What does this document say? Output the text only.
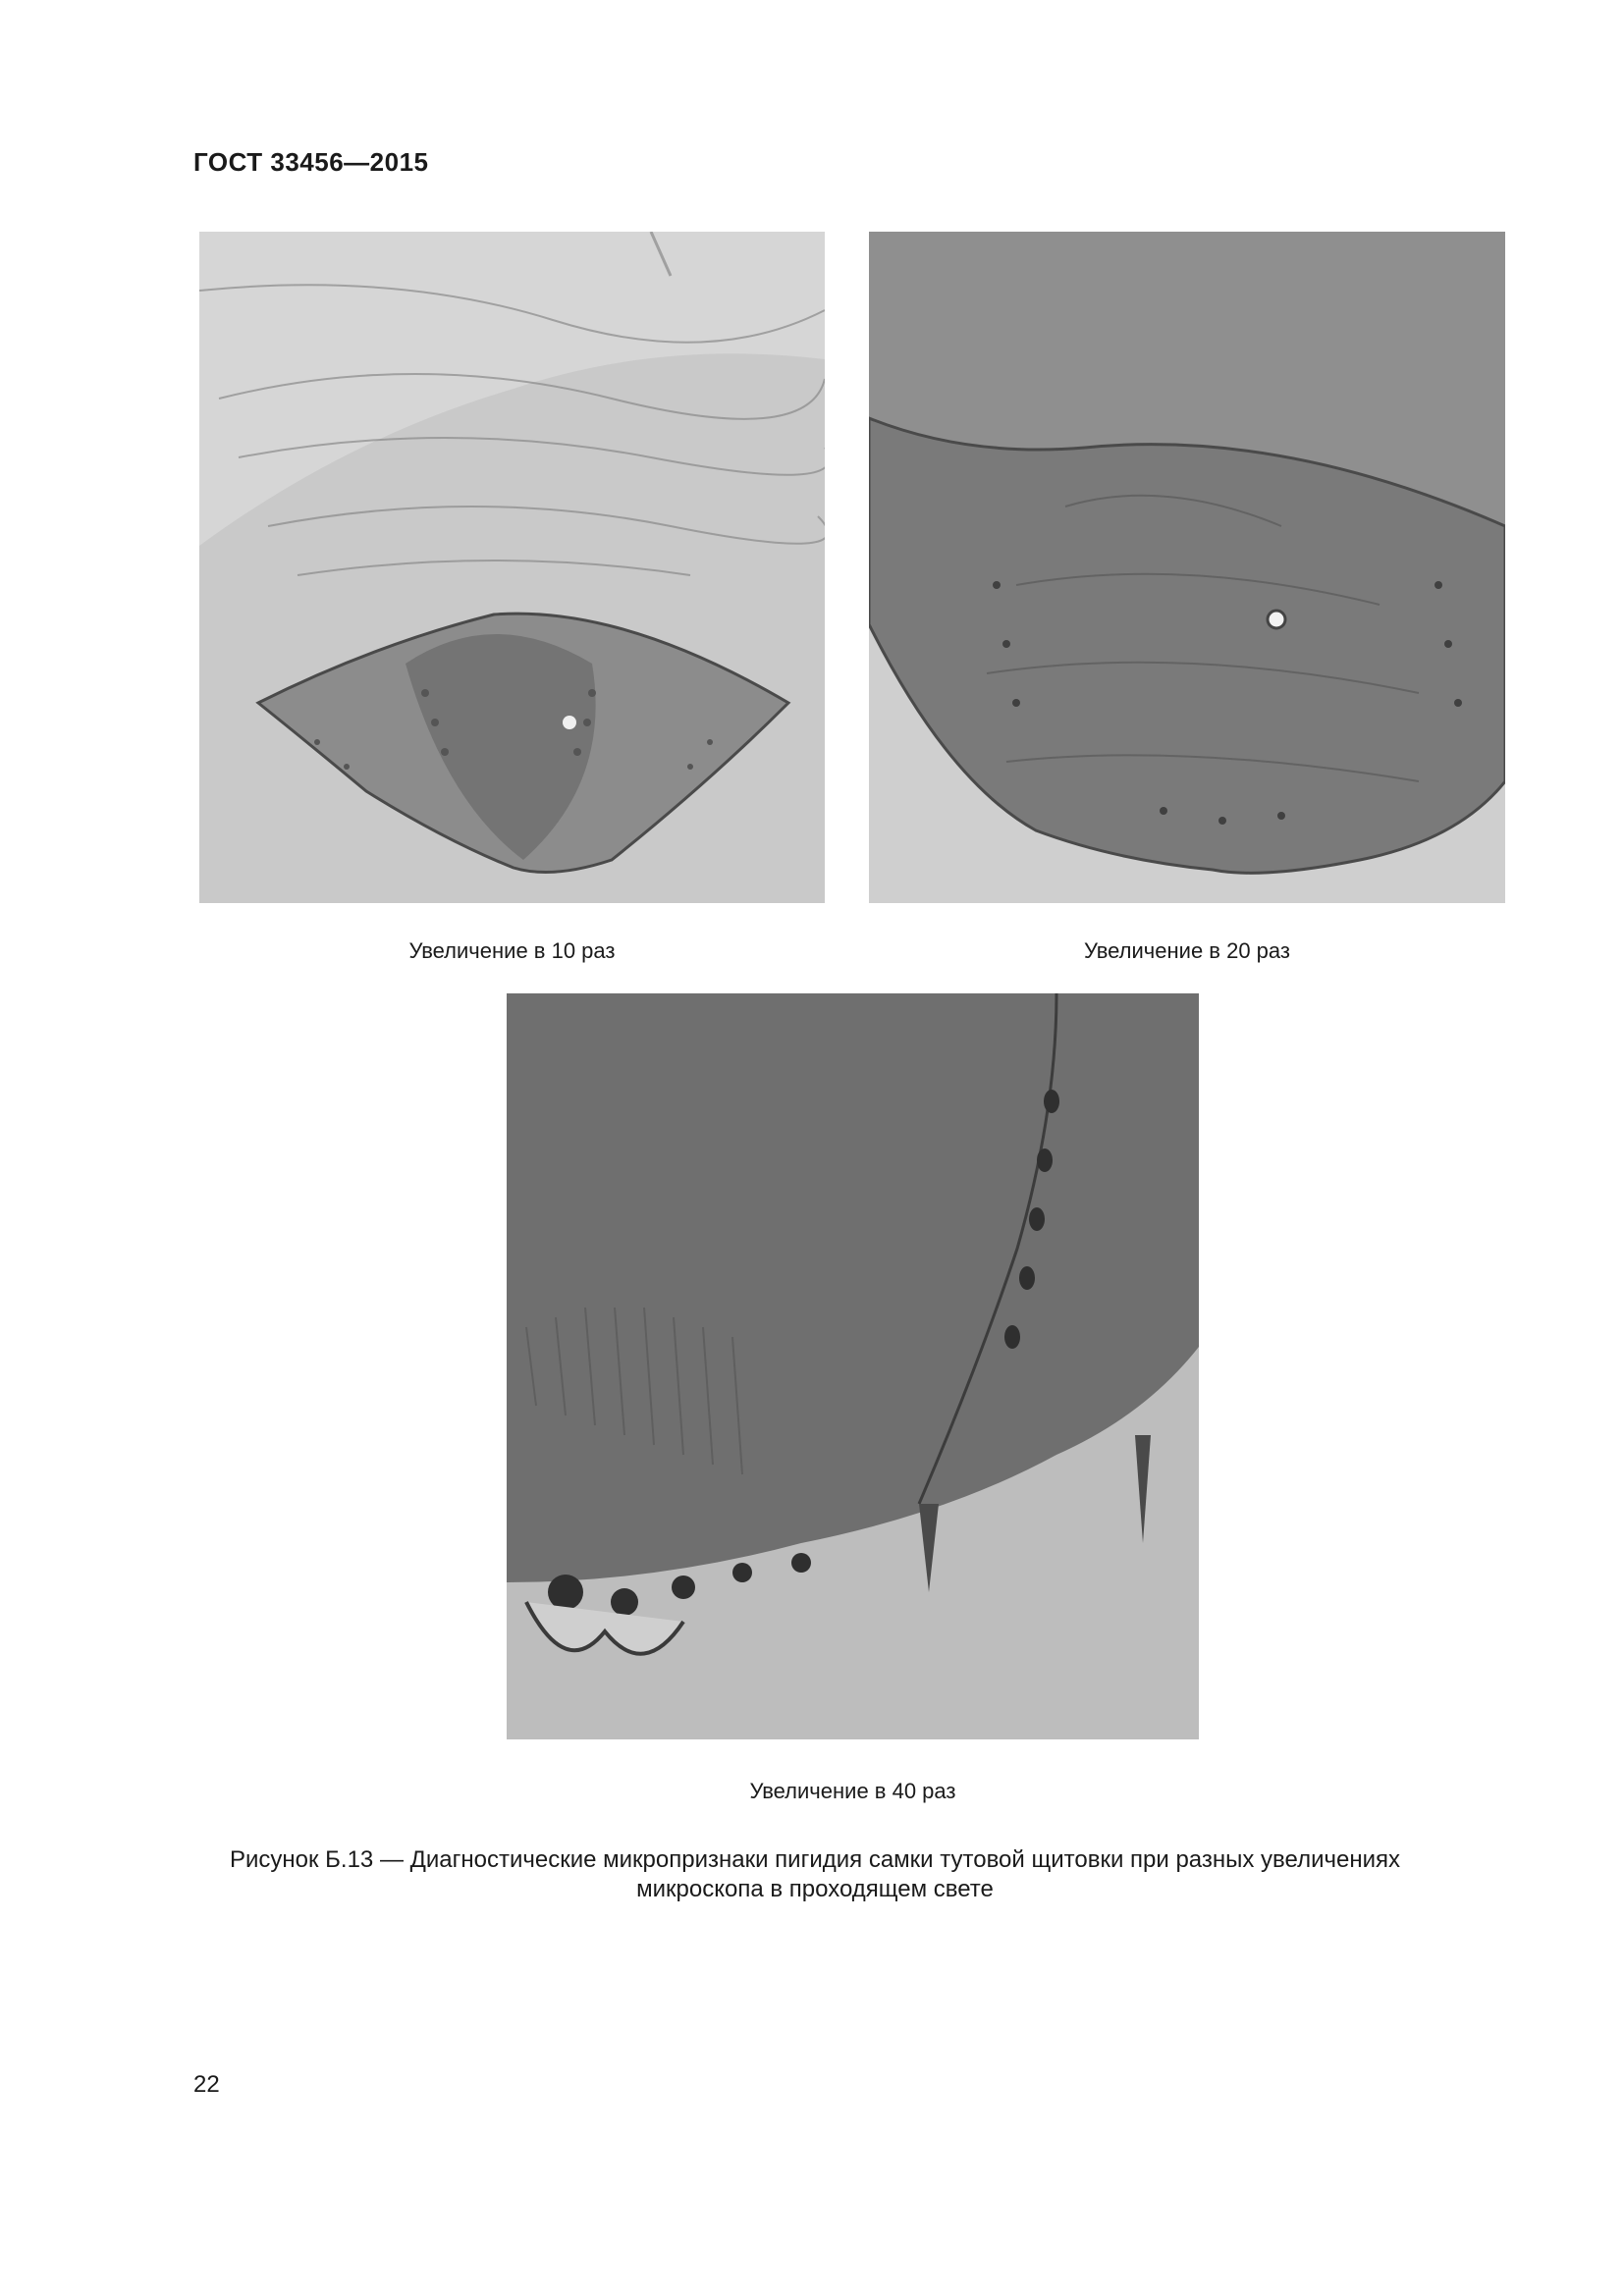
ГОСТ 33456—2015
Увеличение в 10 раз	Увеличение в 20 раз
Увеличение в 40 раз
Рисунок Б.13 — Диагностические микропризнаки пигидия самки тутовой щитовки при разных увеличениях
микроскопа в проходящем свете
22
